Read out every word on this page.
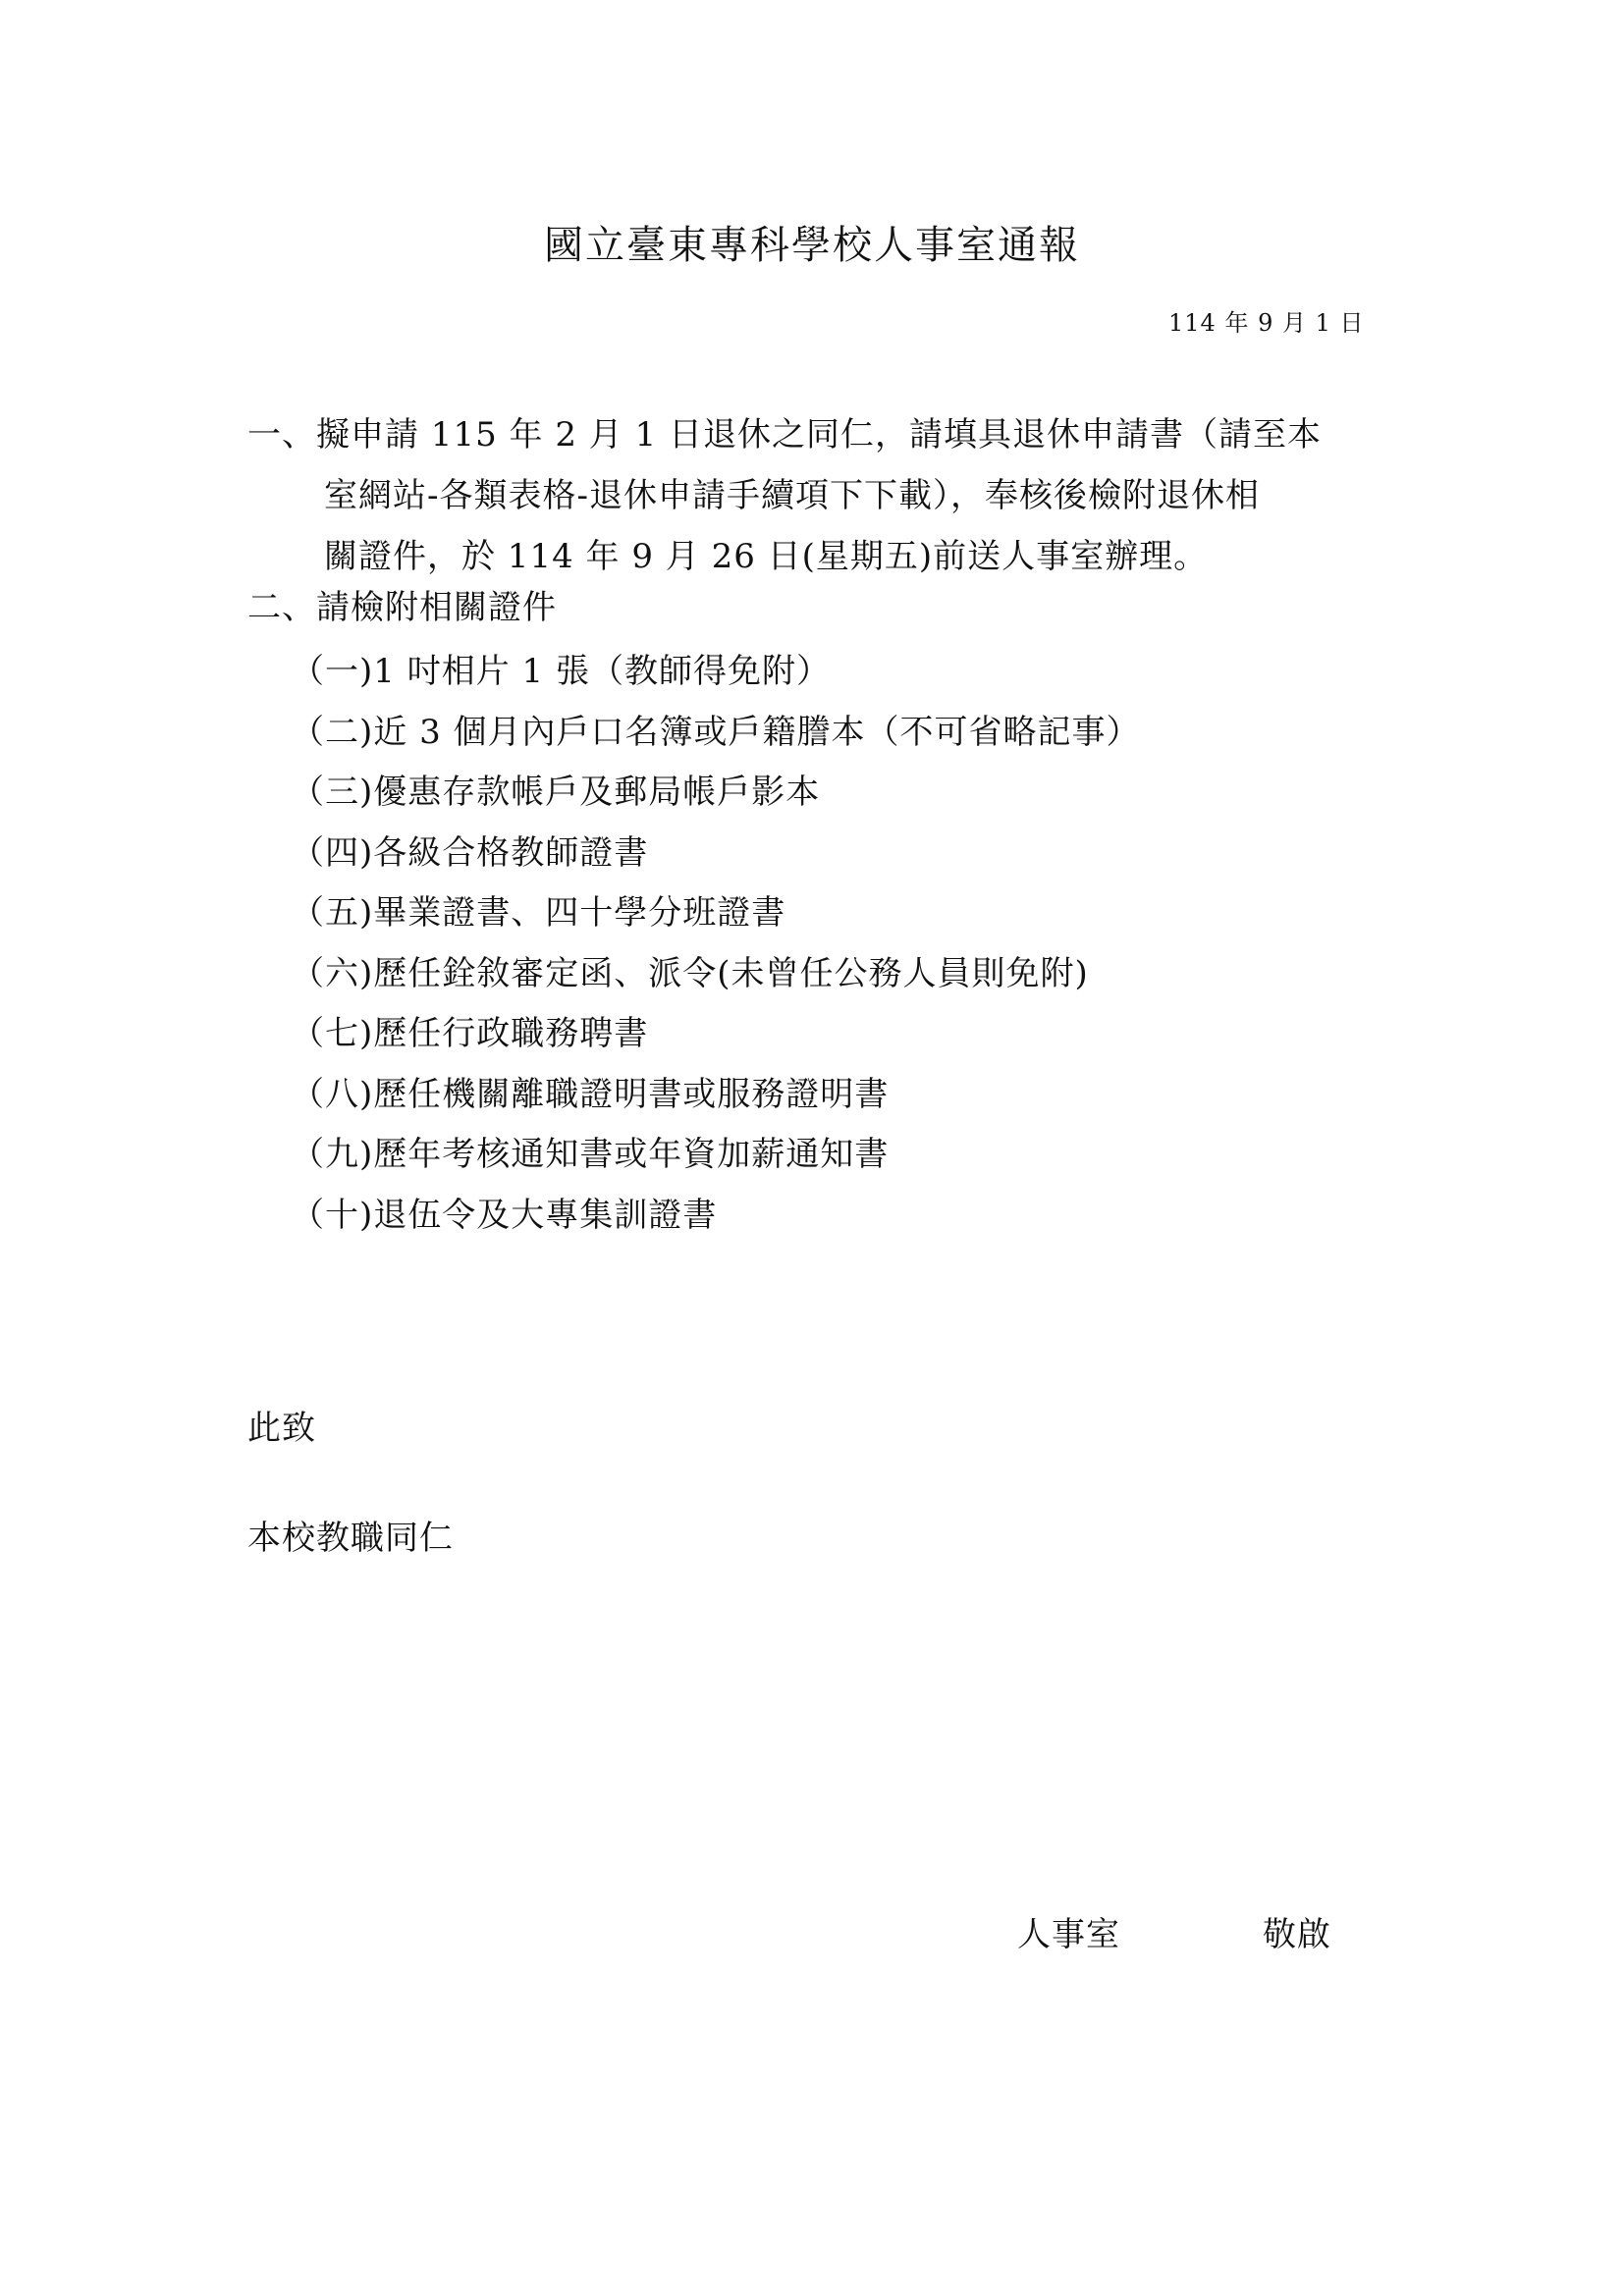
國立臺東專科學校人事室通報
114 年 9 月 1 日
一、擬申請 115 年 2 月 1 日退休之同仁，請填具退休申請書（請至本
室網站-各類表格-退休申請手續項下下載），奉核後檢附退休相
關證件，於 114 年 9 月 26 日(星期五)前送人事室辦理。
二、請檢附相關證件
（一)1 吋相片 1 張（教師得免附）
（二)近 3 個月內戶口名簿或戶籍謄本（不可省略記事）
（三)優惠存款帳戶及郵局帳戶影本
（四)各級合格教師證書
（五)畢業證書、四十學分班證書
（六)歷任銓敘審定函、派令(未曾任公務人員則免附)
（七)歷任行政職務聘書
（八)歷任機關離職證明書或服務證明書
（九)歷年考核通知書或年資加薪通知書
（十)退伍令及大專集訓證書
此致
本校教職同仁
人事室	敬啟
